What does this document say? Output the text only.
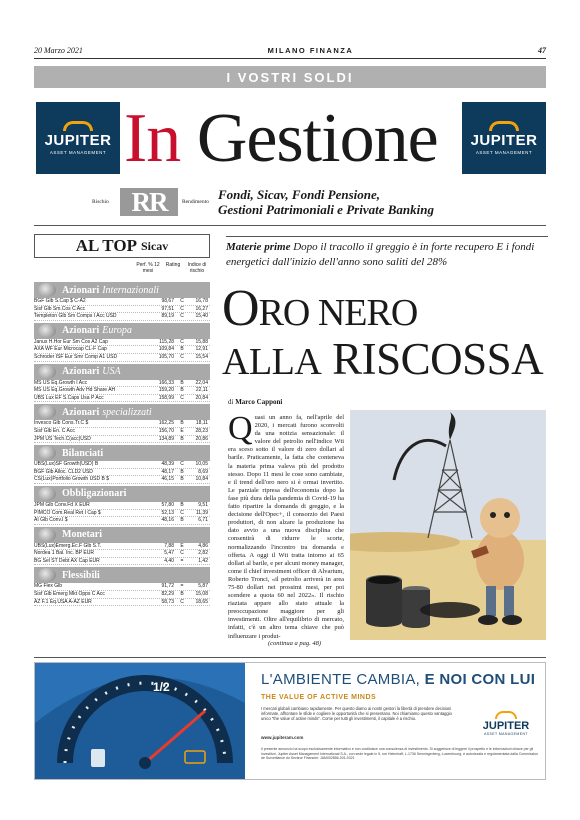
20 Marzo 2021	MILANO FINANZA	47
I VOSTRI SOLDI
JUPITER
ASSET MANAGEMENT In Gestione	JUPITER
ASSET MANAGEMENT
Rischio RR	Rendimento Fondi, Sicav, Fondi Pensione,
Gestioni Patrimoniali e Private Banking
AL TOP Sicav
Perf. % 12 mesi
Rating	Indice di rischio
Azionari Internazionali
BGF Glb S.Cap $ C-A2	98,67	C	16,78
Sisf Glb Sm.Cos C Acc	97,51	C	16,27
Templeton Glb Sm Comps I Acc USD	89,19	C	15,40
Azionari Europa
Janus H.Hor Eur Sm Cos A2 Cap	115,28	C	15,88
AXA WF Eur Microcap CL-F Cap	109,84	B	12,91
Schroder ISF Eur Smr Comp A1 USD	105,70	C	15,54
Azionari USA
MS US Eq.Growth I Acc	166,33	B	22,04
MS US Eq.Growth Adv Hd Share AH	159,20	B	22,11
UBS Lux EF S.Caps Usa P Acc	158,99	C	20,84
Azionari specializzati
Invesco Glb Cons.Tr.C $	162,25	B	18,11
Sisf Glb En. C Acc	156,70	E	28,23
JPM US Tech.C(acc)USD	134,89	B	20,86
Bilanciati
UBS(Lux)SF Growth(USD) B	48,39	C	10,05
BGF Glb Alloc. CLD2 USD	48,17	B	8,69
CS(Lux)Portfolio Growth USD B $	46,15	B	10,84
Obbligazionari
JPM Glb Conv.Fd X EUR	57,80	B	9,51
PIMCO Com.Real Ret I Cap $	52,13	C	11,39
AI Glb Conv.I $	48,16	B	6,71
Monetari
UBS(Lux)Emerg.Ec.F Glb S.T.	7,88	E	4,86
Nordea 1 Bal. Inc. BP EUR	5,47	C	2,82
BG Sel ST Debt AX Cap EUR	4,40	=	1,42
Flessibili
MG Flex Glb	91,72	=	5,87
Sisf Glb Emerg Mkt Opps C Acc	82,29	B	15,08
AZ F.1 Eq.USA A-AZ EUR	58,73	C	18,65
Materie prime Dopo il tracollo il greggio è in forte recupero E i fondi energetici dall'inizio dell'anno sono saliti del 28%
ORO NERO
ALLA RISCOSSA
di Marco Capponi
Quasi un anno fa, nell'aprile del 2020, i mercati furono sconvolti da una notizia sensazionale: il valore del petrolio nell'indice Wti era sceso sotto il valore di zero dollari al barile. Praticamente, la fatta che conteneva la materia prima valeva più del prodotto stesso. Dopo 11 mesi le cose sono cambiate, e il trend dell'oro nero si è ormai invertito. Le parziale ripresa dell'economia dopo la fase più dura della pandemia di Covid-19 ha fatto ripartire la domanda di greggio, e la decisione dell'Opec+, il consorzio dei Paesi produttori, di non alzare la produzione ha dato avvio a una nuova disciplina che consentirà di ridurre le scorte, normalizzando l'incontro tra domanda e offerta. A oggi il Wti tratta intorno ai 65 dollari al barile, e per alcuni money manager, come il chief investment officer di Alvarium, Roberto Tronci, «il petrolio arriverà in area 75-80 dollari nei prossimi mesi, per poi scendere a quota 60 nel 2022». Il rischio riaziata appare allo stato attuale la preoccupazione maggiore per gli investimenti. Oltre all'equilibrio di mercato, infatti, c'è un altro tema chiave che può influenzare i produt-
(continua a pag. 48)
1/2	L'AMBIENTE CAMBIA, E NOI CON LUI
THE VALUE OF ACTIVE MINDS
I mercati globali cambiano rapidamente. Per questo diamo ai nostri gestori la libertà di prendere decisioni informate, affrontare le sfide e cogliere le opportunità che si presentano. Noi chiamiamo questo vantaggio unico "the value of active minds". Come per tutti gli investimenti, il capitale è a rischio.
www.jupiteram.com
Il presente annuncio ha scopo esclusivamente informativo e non costituisce una consulenza di investimento. Si suggerisce di leggere il prospetto e le informazioni chiave per gli investitori. Jupiter Asset Management International S.A., con sede legale in 5, rue Heienhaff, L-1736 Senningerberg, Luxembourg, è autorizzata e regolamentata dalla Commission de Surveillance du Secteur Financier. JAM002856-001-0321
JUPITER
ASSET MANAGEMENT
